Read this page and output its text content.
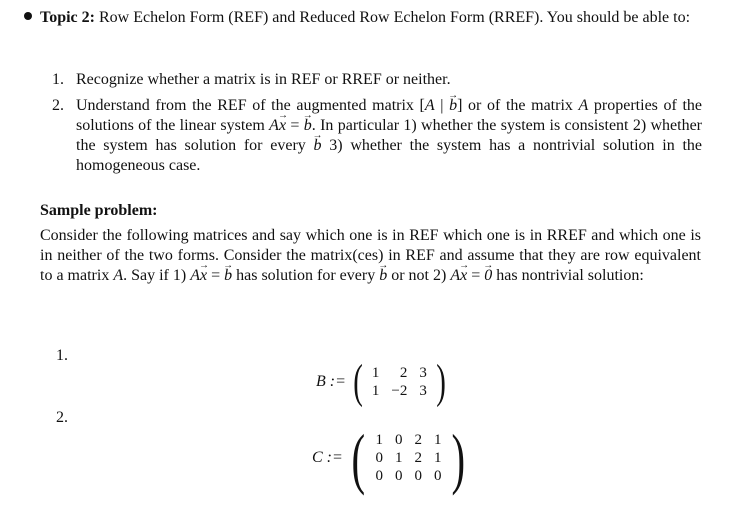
Topic 2: Row Echelon Form (REF) and Reduced Row Echelon Form (RREF). You should be able to:
1. Recognize whether a matrix is in REF or RREF or neither.
2. Understand from the REF of the augmented matrix [A | → b] or of the matrix A properties of the solutions of the linear system A→ x = → b. In particular 1) whether the system is consistent 2) whether the system has solution for every → b 3) whether the system has a nontrivial solution in the homogeneous case.
Sample problem:
Consider the following matrices and say which one is in REF which one is in RREF and which one is in neither of the two forms. Consider the matrix(ces) in REF and assume that they are row equivalent to a matrix A. Say if 1) A→ x = → b has solution for every → b or not 2) A→ x = → 0 has nontrivial solution:
1.
B := ( 1	2	3
1	−2	3 )
2.
C := ( 1	0	2	1
0	1	2	1
0	0	0	0 )
